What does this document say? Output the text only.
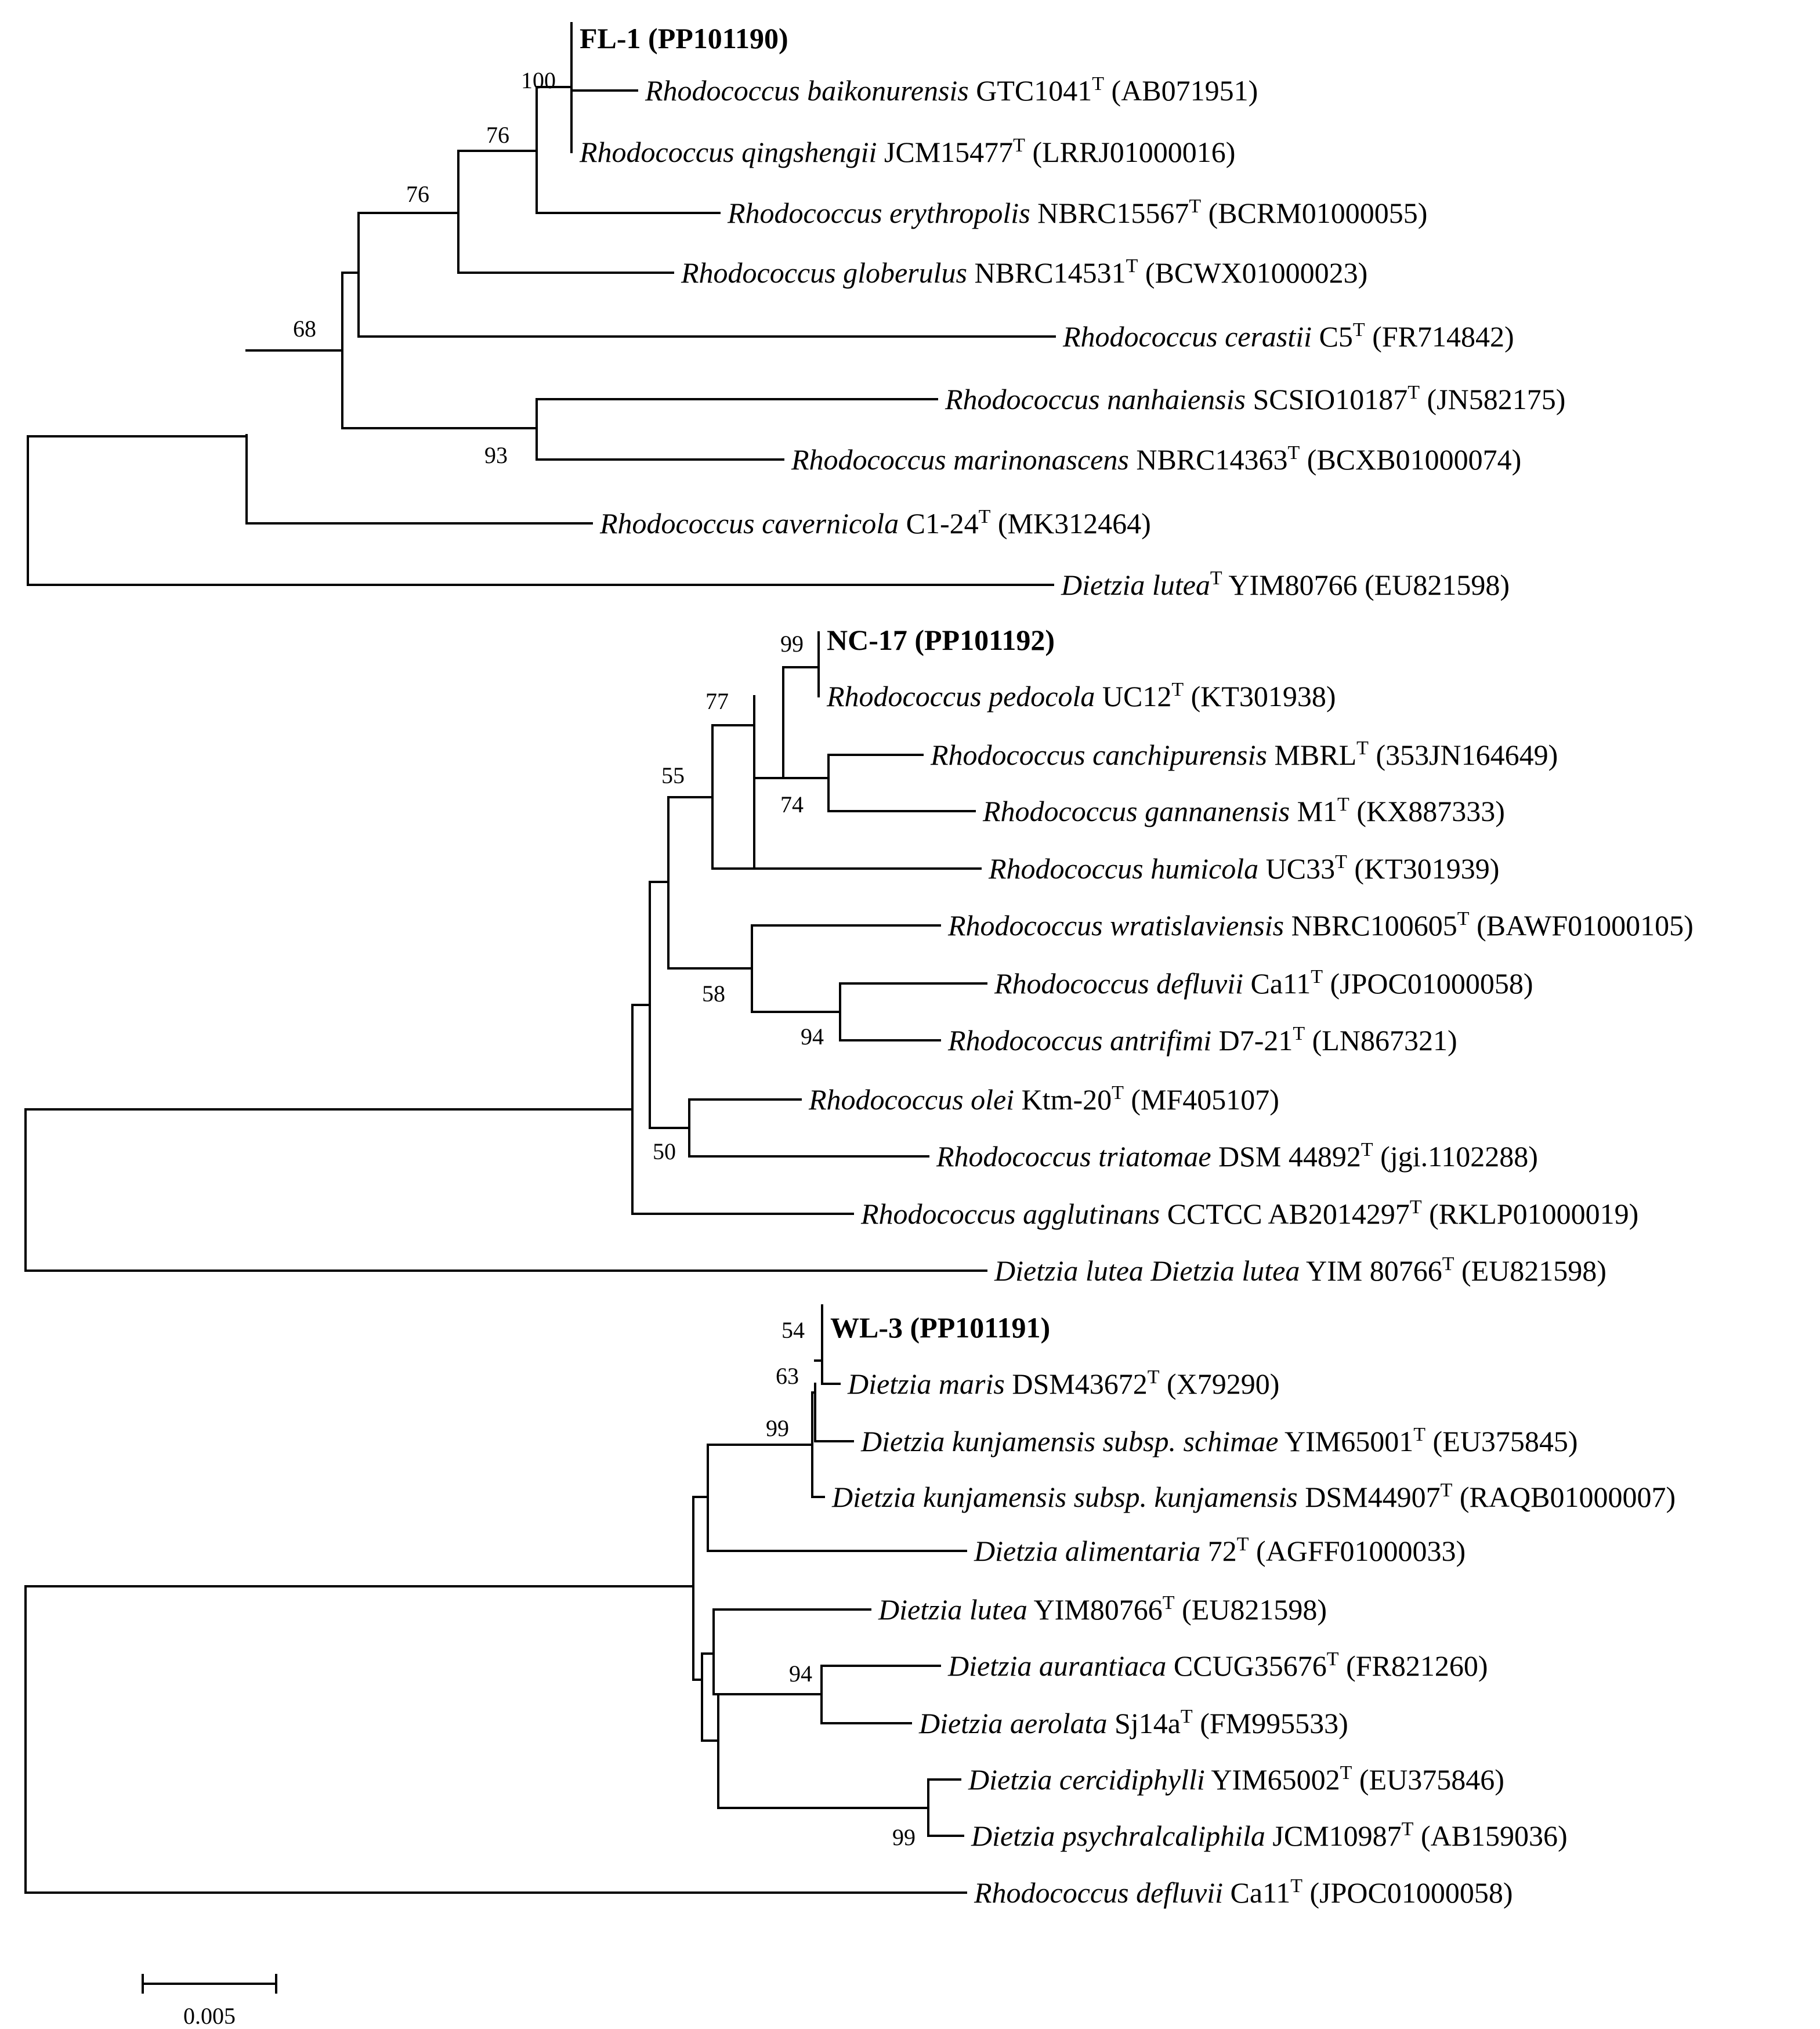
FL-1 (PP101190)
Rhodococcus baikonurensis $GTC1041^T$ (AB071951)
Rhodococcus qingshengii $JCM15477^T$ (LRRJ01000016)
Rhodococcus erythropolis $NBRC15567^T$ (BCRM01000055)
Rhodococcus globerulus $NBRC14531^T$ (BCWX01000023)
Rhodococcus cerastii $C5^T$ (FR714842)
Rhodococcus nanhaiensis $SCSIO10187^T$ (JN582175)
Rhodococcus marinonascens $NBRC14363^T$ (BCXB01000074)
Rhodococcus cavernicola $C1-24^T$ (MK312464)
Dietzia lutea$^T$ YIM80766 (EU821598)
NC-17 (PP101192)
Rhodococcus pedocola $UC12^T$ (KT301938)
Rhodococcus canchipurensis $MBRL^T$ (353JN164649)
Rhodococcus gannanensis $M1^T$ (KX887333)
Rhodococcus humicola $UC33^T$ (KT301939)
Rhodococcus wratislaviensis $NBRC100605^T$ (BAWF01000105)
Rhodococcus defluvii $Ca11^T$ (JPOC01000058)
Rhodococcus antrifimi $D7-21^T$ (LN867321)
Rhodococcus olei Ktm-$20^T$ (MF405107)
Rhodococcus triatomae DSM $44892^T$ (jgi.1102288)
Rhodococcus agglutinans CCTCC $AB2014297^T$ (RKLP01000019)
Dietzia lutea Dietzia lutea YIM $80766^T$ (EU821598)
WL-3 (PP101191)
Dietzia maris $DSM43672^T$ (X79290)
Dietzia kunjamensis subsp. schimae $YIM65001^T$ (EU375845)
Dietzia kunjamensis subsp. kunjamensis $DSM44907^T$ (RAQB01000007)
Dietzia alimentaria $72^T$ (AGFF01000033)
Dietzia lutea $YIM80766^T$ (EU821598)
Dietzia aurantiaca $CCUG35676^T$ (FR821260)
Dietzia aerolata $Sj14a^T$ (FM995533)
Dietzia cercidiphylli $YIM65002^T$ (EU375846)
Dietzia psychralcaliphila $JCM10987^T$ (AB159036)
Rhodococcus defluvii $Ca11^T$ (JPOC01000058)
100
76
76
68
93
99
77
55
74
58
94
50
54
63
99
94
99
0.005
